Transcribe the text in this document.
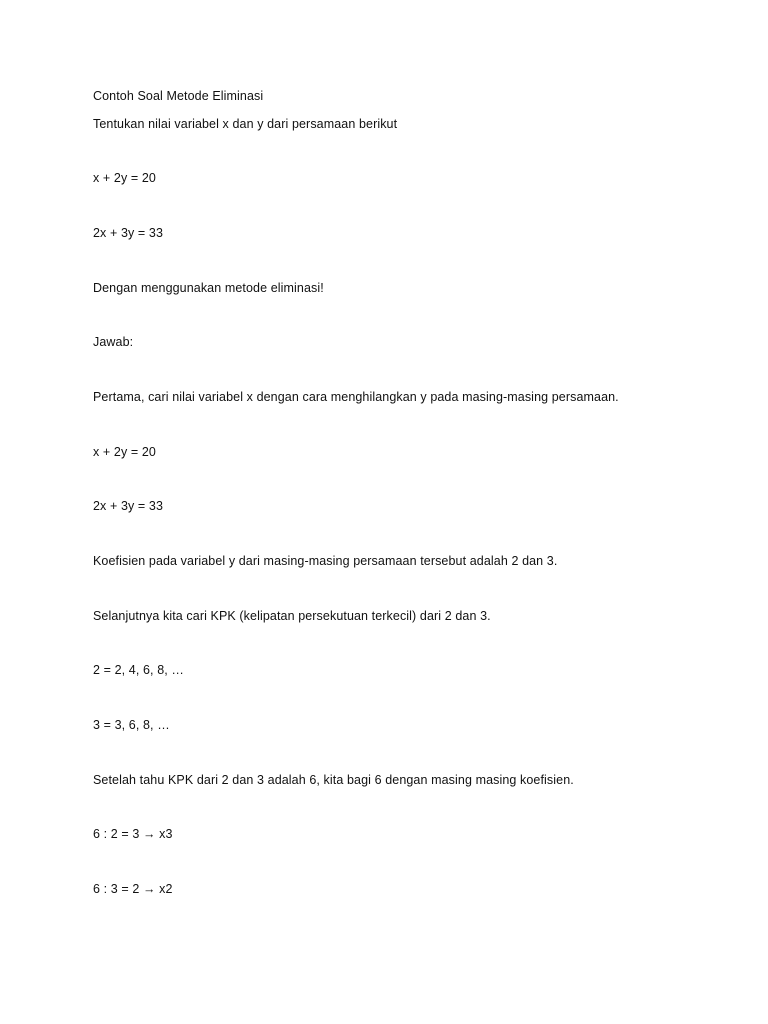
Contoh Soal Metode Eliminasi
Tentukan nilai variabel x dan y dari persamaan berikut
x + 2y = 20
2x + 3y = 33
Dengan menggunakan metode eliminasi!
Jawab:
Pertama, cari nilai variabel x dengan cara menghilangkan y pada masing-masing persamaan.
x + 2y = 20
2x + 3y = 33
Koefisien pada variabel y dari masing-masing persamaan tersebut adalah 2 dan 3.
Selanjutnya kita cari KPK (kelipatan persekutuan terkecil) dari 2 dan 3.
2 = 2, 4, 6, 8, …
3 = 3, 6, 8, …
Setelah tahu KPK dari 2 dan 3 adalah 6, kita bagi 6 dengan masing masing koefisien.
6 : 2 = 3 → x3
6 : 3 = 2 → x2
